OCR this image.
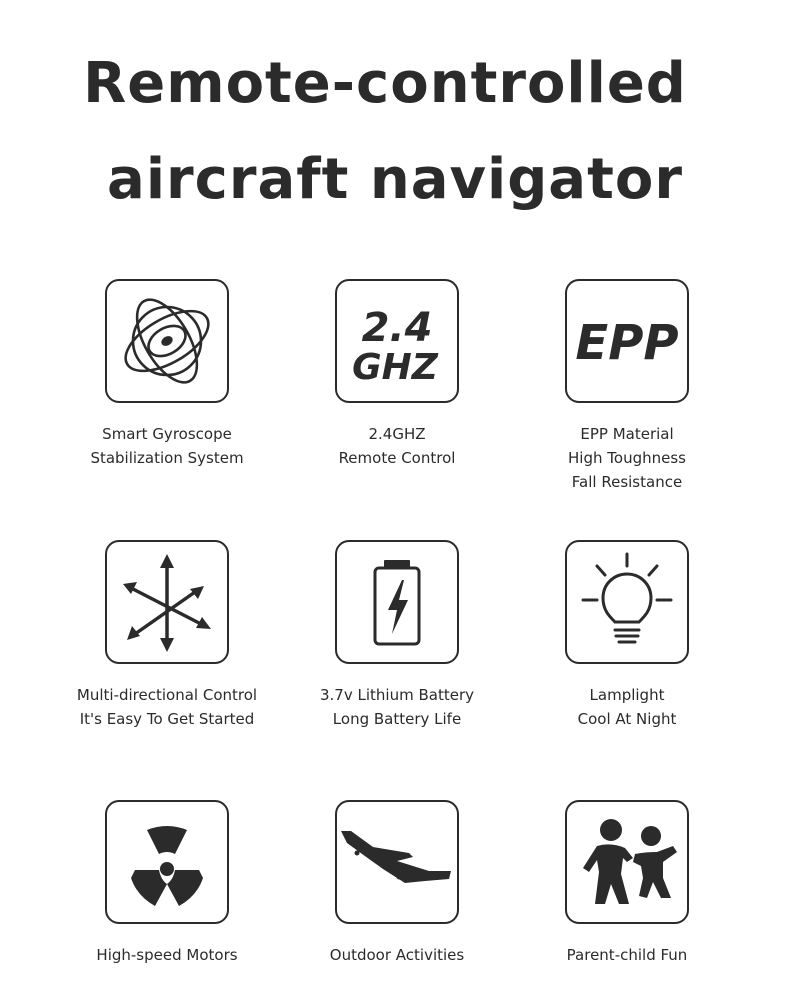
Remote-controlled
aircraft navigator
Smart Gyroscope
Stabilization System
2.4
GHZ
2.4GHZ
Remote Control
EPP
EPP Material
High Toughness
Fall Resistance
Multi-directional Control
It's Easy To Get Started
3.7v Lithium Battery
Long Battery Life
Lamplight
Cool At Night
High-speed Motors	Outdoor Activities	Parent-child Fun
